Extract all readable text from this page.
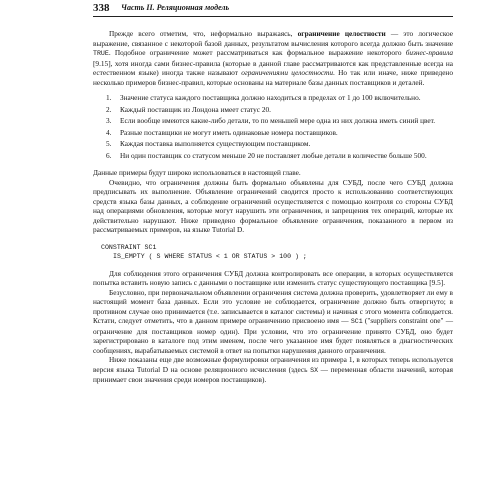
338 Часть II. Реляционная модель

Прежде всего отметим, что, неформально выражаясь, ограничение целостности — это логическое выражение, связанное с некоторой базой данных, результатом вычисления которого всегда должно быть значение TRUE. Подобное ограничение может рассматриваться как формальное выражение некоторого бизнес-правила [9.15], хотя иногда сами бизнес-правила (которые в данной главе рассматриваются как представленные всегда на естественном языке) иногда также называют ограничениями целостности. Но так или иначе, ниже приведено несколько примеров бизнес-правил, которые основаны на материале базы данных поставщиков и деталей.

1. Значение статуса каждого поставщика должно находиться в пределах от 1 до 100 включительно.
2. Каждый поставщик из Лондона имеет статус 20.
3. Если вообще имеются какие-либо детали, то по меньшей мере одна из них должна иметь синий цвет.
4. Разные поставщики не могут иметь одинаковые номера поставщиков.
5. Каждая поставка выполняется существующим поставщиком.
6. Ни один поставщик со статусом меньше 20 не поставляет любые детали в количестве больше 500.

Данные примеры будут широко использоваться в настоящей главе.

Очевидно, что ограничения должны быть формально объявлены для СУБД, после чего СУБД должна предписывать их выполнение. Объявление ограничений сводится просто к использованию соответствующих средств языка базы данных, а соблюдение ограничений осуществляется с помощью контроля со стороны СУБД над операциями обновления, которые могут нарушить эти ограничения, и запрещения тех операций, которые их действительно нарушают. Ниже приведено формальное объявление ограничения, показанного в первом из рассматриваемых примеров, на языке Tutorial D.

CONSTRAINT SC1
IS_EMPTY ( S WHERE STATUS < 1 OR STATUS > 100 ) ;

Для соблюдения этого ограничения СУБД должна контролировать все операции, в которых осуществляется попытка вставить новую запись с данными о поставщике или изменить статус существующего поставщика [9.5].

Безусловно, при первоначальном объявлении ограничения система должна проверить, удовлетворяет ли ему в настоящий момент база данных. Если это условие не соблюдается, ограничение должно быть отвергнуто; в противном случае оно принимается (т.е. записывается в каталог системы) и начиная с этого момента соблюдается. Кстати, следует отметить, что в данном примере ограничению присвоено имя — SC1 ("suppliers constraint one" — ограничение для поставщиков номер один). При условии, что это ограничение принято СУБД, оно будет зарегистрировано в каталоге под этим именем, после чего указанное имя будет появляться в диагностических сообщениях, вырабатываемых системой в ответ на попытки нарушения данного ограничения.

Ниже показаны еще две возможные формулировки ограничения из примера 1, в которых теперь используется версия языка Tutorial D на основе реляционного исчисления (здесь SX — переменная области значений, которая принимает свои значения среди номеров поставщиков).
